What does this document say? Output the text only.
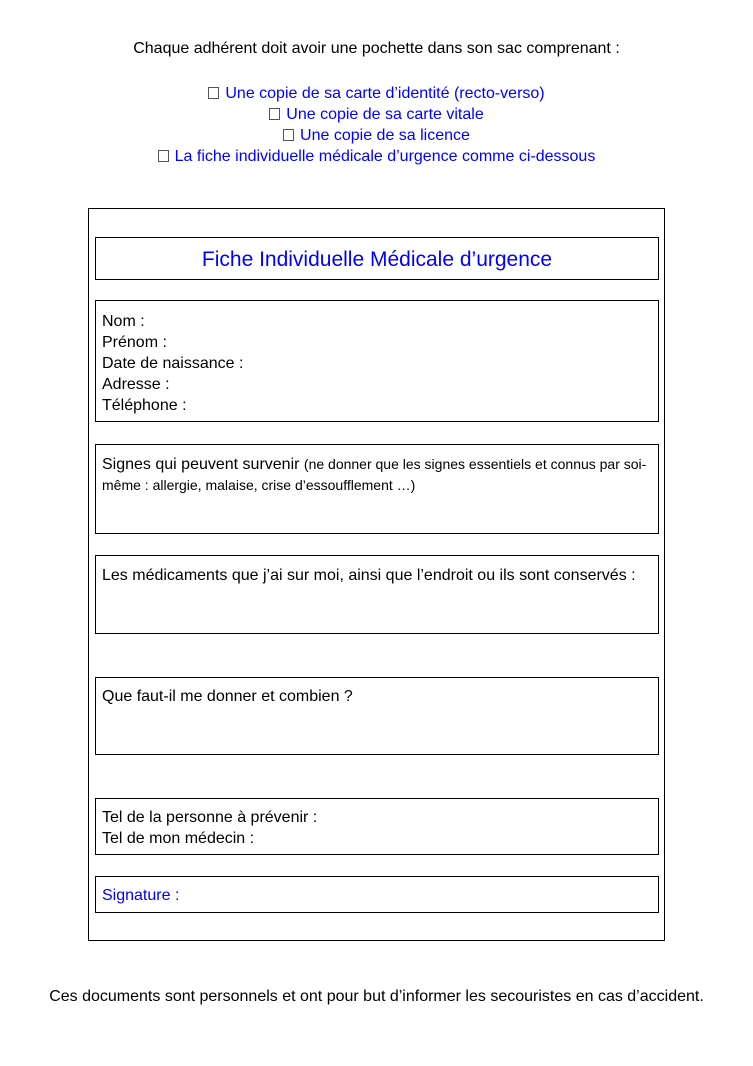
Chaque adhérent doit avoir une pochette dans son sac comprenant :
Une copie de sa carte d’identité (recto-verso)
Une copie de sa carte vitale
Une copie de sa licence
La fiche individuelle médicale d’urgence comme ci-dessous
Fiche Individuelle Médicale d’urgence
Nom :
Prénom :
Date de naissance :
Adresse :
Téléphone :
Signes qui peuvent survenir (ne donner que les signes essentiels et connus par soi-même : allergie, malaise, crise d’essoufflement …)
Les médicaments que j’ai sur moi, ainsi que l’endroit ou ils sont conservés :
Que faut-il me donner et combien ?
Tel de la personne à prévenir :
Tel de mon médecin :
Signature :
Ces documents sont personnels et ont pour but d’informer les secouristes en cas d’accident.
